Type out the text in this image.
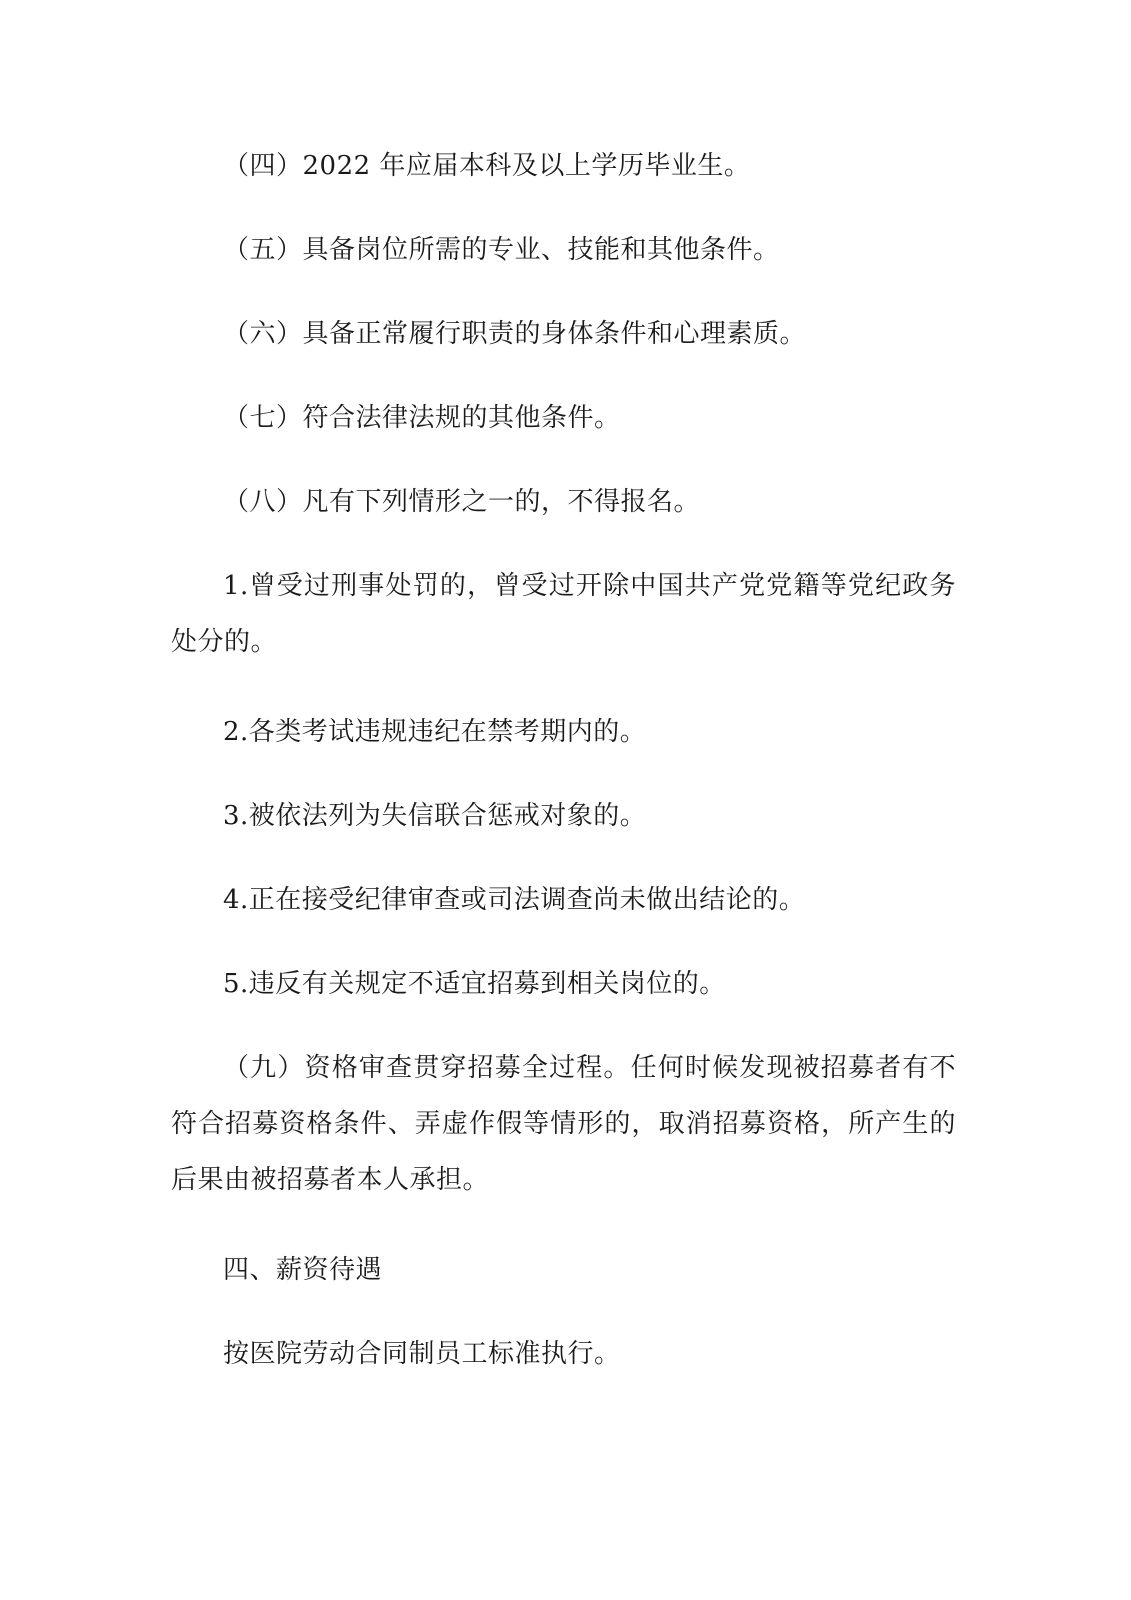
（四）2022 年应届本科及以上学历毕业生。

（五）具备岗位所需的专业、技能和其他条件。

（六）具备正常履行职责的身体条件和心理素质。

（七）符合法律法规的其他条件。

（八）凡有下列情形之一的，不得报名。

1.曾受过刑事处罚的，曾受过开除中国共产党党籍等党纪政务处分的。

2.各类考试违规违纪在禁考期内的。

3.被依法列为失信联合惩戒对象的。

4.正在接受纪律审查或司法调查尚未做出结论的。

5.违反有关规定不适宜招募到相关岗位的。

（九）资格审查贯穿招募全过程。任何时候发现被招募者有不符合招募资格条件、弄虚作假等情形的，取消招募资格，所产生的后果由被招募者本人承担。

四、薪资待遇

按医院劳动合同制员工标准执行。
